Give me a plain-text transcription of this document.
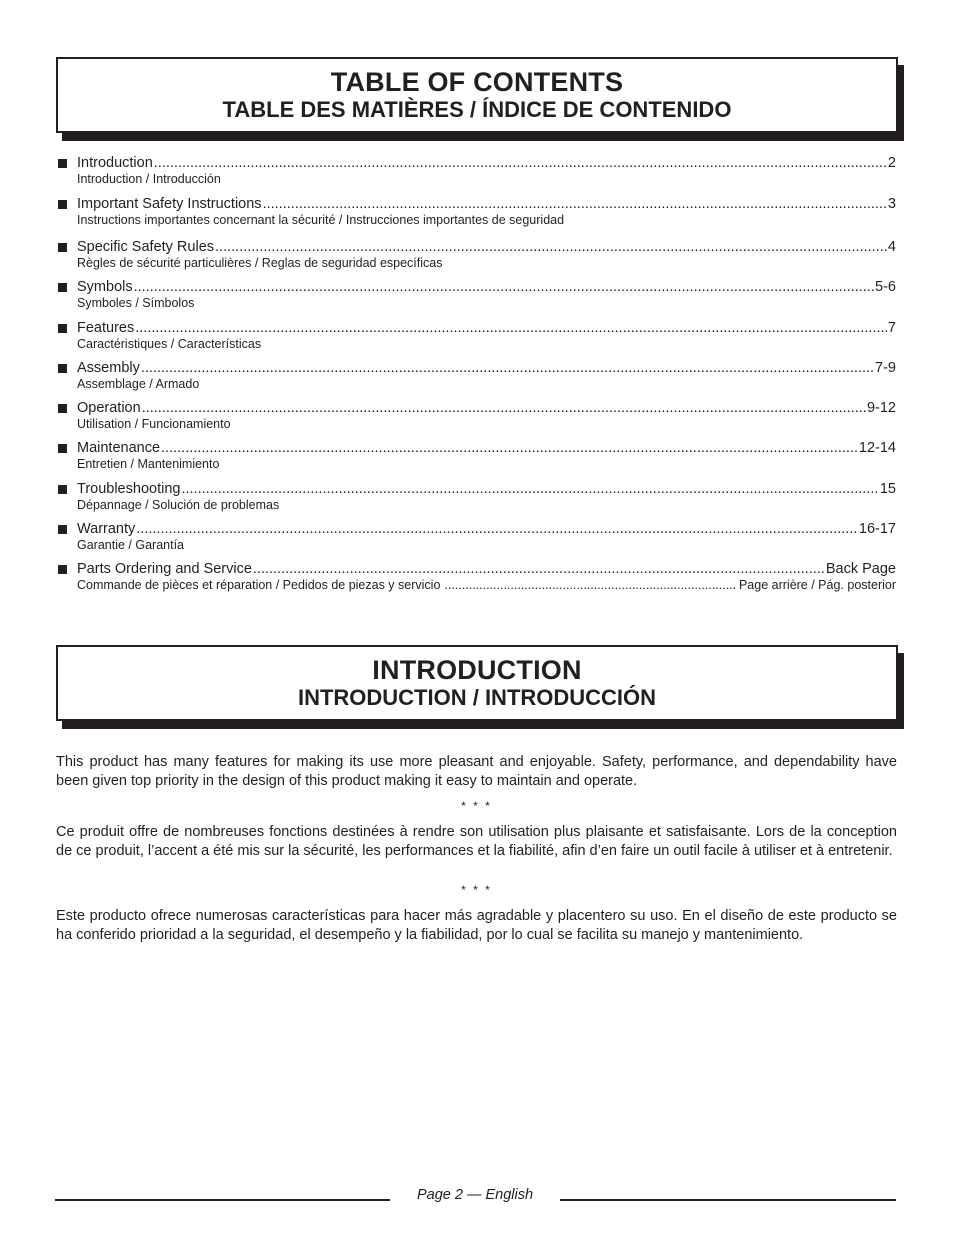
TABLE OF CONTENTS
TABLE DES MATIÈRES / ÍNDICE DE CONTENIDO
Introduction .....	2
Introduction / Introducción
Important Safety Instructions .....	3
Instructions importantes concernant la sécurité / Instrucciones importantes de seguridad
Specific Safety Rules .....	4
Règles de sécurité particulières / Reglas de seguridad específicas
Symbols .....	5-6
Symboles / Símbolos
Features .....	7
Caractéristiques / Características
Assembly .....	7-9
Assemblage / Armado
Operation .....	9-12
Utilisation / Funcionamiento
Maintenance .....	12-14
Entretien / Mantenimiento
Troubleshooting .....	15
Dépannage / Solución de problemas
Warranty .....	16-17
Garantie / Garantía
Parts Ordering and Service .....	Back Page
Commande de pièces et réparation / Pedidos de piezas y servicio .....	Page arrière / Pág. posterior
INTRODUCTION
INTRODUCTION / INTRODUCCIÓN
This product has many features for making its use more pleasant and enjoyable. Safety, performance, and dependability have been given top priority in the design of this product making it easy to maintain and operate.
* * *
Ce produit offre de nombreuses fonctions destinées à rendre son utilisation plus plaisante et satisfaisante. Lors de la conception de ce produit, l’accent a été mis sur la sécurité, les performances et la fiabilité, afin d’en faire un outil facile à utiliser et à entretenir.
* * *
Este producto ofrece numerosas características para hacer más agradable y placentero su uso. En el diseño de este producto se ha conferido prioridad a la seguridad, el desempeño y la fiabilidad, por lo cual se facilita su manejo y mantenimiento.
Page 2 — English
